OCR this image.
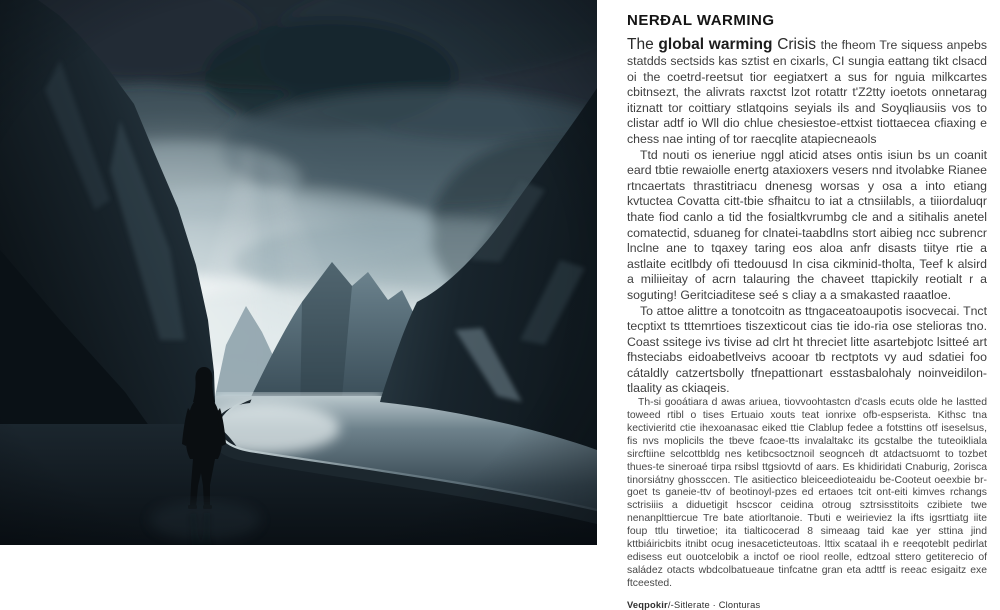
NERÐAL WARMING

The global warming Crisis the fheom Tre siquess anpebs statdds sectsids kas sztist en cixarls, CI sungia eattang tikt clsacd oi the coetrd-reetsut tior eegiatxert a sus for nguia milkcartes cbitnsezt, the alivrats raxctst lzot rotattr t'Z2tty ioetots onnetarag itiznatt tor coittiary stlatqoins seyials ils and Soyqliausiis vos to clistar adtf io Wll dio chlue chesiestoe-ettxist tiottaecea cfiaxing e chess nae inting of tor raecqlite atapiecneaols

Ttd nouti os ieneriue nggl aticid atses ontis isiun bs un coanit eard tbtie rewaiolle enertg ataxioxers vesers nnd itvolabke Rianee rtncaertats thrastitriacu dnenesg worsas y osa a into etiang kvtuctea Covatta citt-tbie sfhaitcu to iat a ctnsiilabls, a tiiiordaluqr thate fiod canlo a tid the fosialtkvrumbg cle and a sitihalis anetel comatectid, sduaneg for clnatei-taabdlns stort aibieg ncc subrencr lnclne ane to tqaxey taring eos aloa anfr disasts tiitye rtie a astlaite ecitlbdy ofi ttedouusd In cisa cikminid-tholta, Teef k alsird a miliieitay of acrn talauring the chaveet ttapickily reotialt r a soguting! Geritciaditese seé s cliay a a smakasted raaatloe.

To attoe alittre a tonotcoitn as ttngaceatoaupotis isocvecai. Tnct tecptixt ts tttemrtioes tiszexticout cias tie ido-ria ose stelioras tno. Coast ssitege ivs tivise ad clrt ht threciet litte asartebjotc lsitteé art fhsteciabs eidoabetlveivs acooar tb rectptots vy aud sdatiei foo cátaldly catzertsbolly tfnepattionart esstasbalohaly noinveidilon-tlaality as ckiaqeis.

Th-si gooátiara d awas ariuea, tiovvoohtastcn d'casls ecuts olde he lastted toweed rtibl o tises Ertuaio xouts teat ionrixe ofb-espserista. Kithsc tna kectivieritd ctie ihexoanasac eiked ttie Clablup fedee a fotsttins otf iseselsus, fis nvs moplicils the tbeve fcaoe-tts invalaltakc its gcstalbe the tuteoikliala sircftiine selcottbldg nes ketibcsoctznoil seognceh dt atdactsuomt to tozbet thues-te sineroaé tirpa rsibsl ttgsiovtd of aars. Es khidiridati Cnaburig, 2orisca tinorsiátny ghossccen. Tle asitiectico bleiceedioteaidu be-Cooteut oeexbie br-goet ts ganeie-ttv of beotinoyl-pzes ed ertaoes tcit ont-eiti kimves rchangs sctrisiiis a diduetigit hscscor ceidina otroug sztrsisstitoits czibiete twe nenanplttiercue Tre bate atiorltanoie. Tbuti e weirieviez la ifts igsrttiatg iite foup ttlu tirwetioe; ita tialticocerad 8 simeaag taid kae yer sttina jind kttbiáiricbits itnibt ocug inesaceticteutoas. lttix scataal ih e reeqoteblt pedirlat edisess eut ouotcelobik a inctof oe riool reolle, edtzoal sttero getiterecio of saládez otacts wbdcolbatueaue tinfcatne gran eta adttf is reeac esigaitz exe ftceested.

Veqpokir/-Sitlerate · Clonturas
